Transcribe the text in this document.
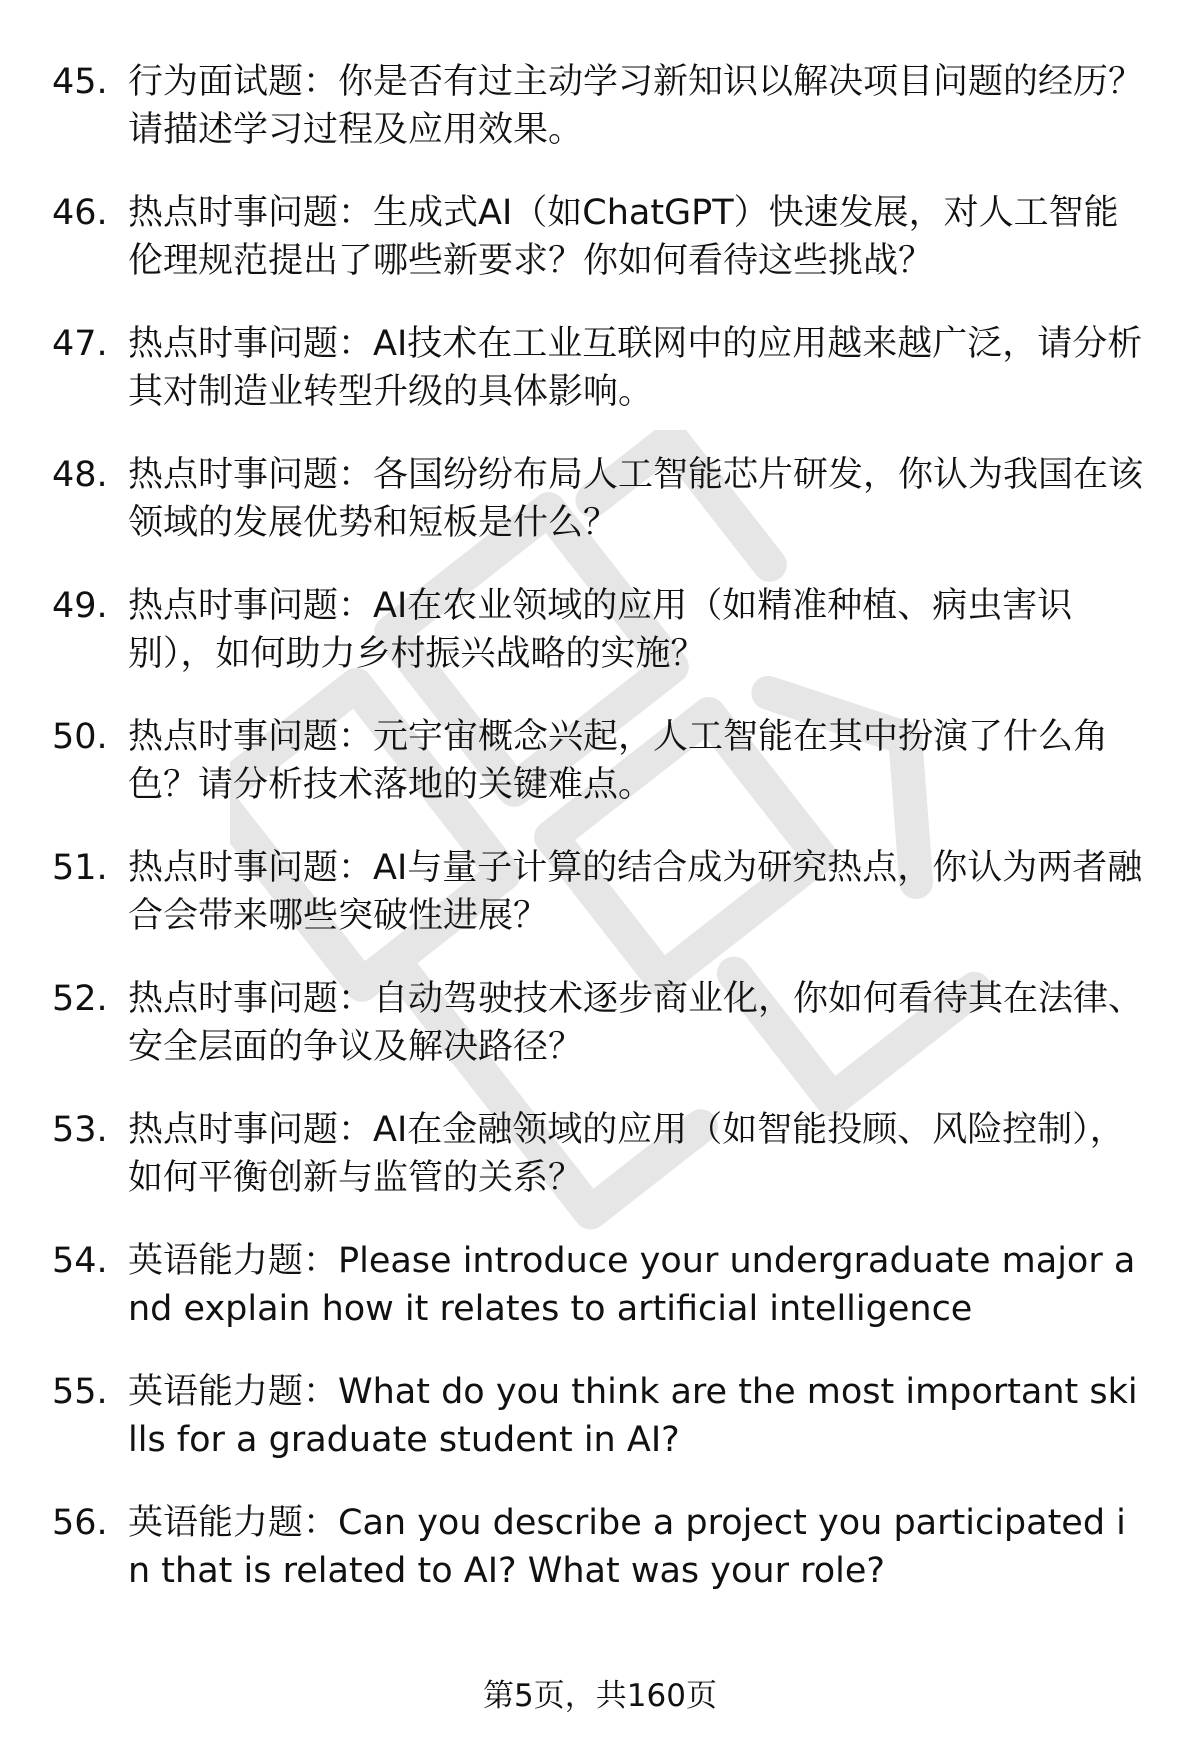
45. 行为面试题：你是否有过主动学习新知识以解决项目问题的经历？请描述学习过程及应用效果。
46. 热点时事问题：生成式AI（如ChatGPT）快速发展，对人工智能伦理规范提出了哪些新要求？你如何看待这些挑战？
47. 热点时事问题：AI技术在工业互联网中的应用越来越广泛，请分析其对制造业转型升级的具体影响。
48. 热点时事问题：各国纷纷布局人工智能芯片研发，你认为我国在该领域的发展优势和短板是什么？
49. 热点时事问题：AI在农业领域的应用（如精准种植、病虫害识别），如何助力乡村振兴战略的实施？
50. 热点时事问题：元宇宙概念兴起，人工智能在其中扮演了什么角色？请分析技术落地的关键难点。
51. 热点时事问题：AI与量子计算的结合成为研究热点，你认为两者融合会带来哪些突破性进展？
52. 热点时事问题：自动驾驶技术逐步商业化，你如何看待其在法律、安全层面的争议及解决路径？
53. 热点时事问题：AI在金融领域的应用（如智能投顾、风险控制），如何平衡创新与监管的关系？
54. 英语能力题：Please introduce your undergraduate major and explain how it relates to artificial intelligence
55. 英语能力题：What do you think are the most important skills for a graduate student in AI?
56. 英语能力题：Can you describe a project you participated in that is related to AI? What was your role?
第5页，共160页
